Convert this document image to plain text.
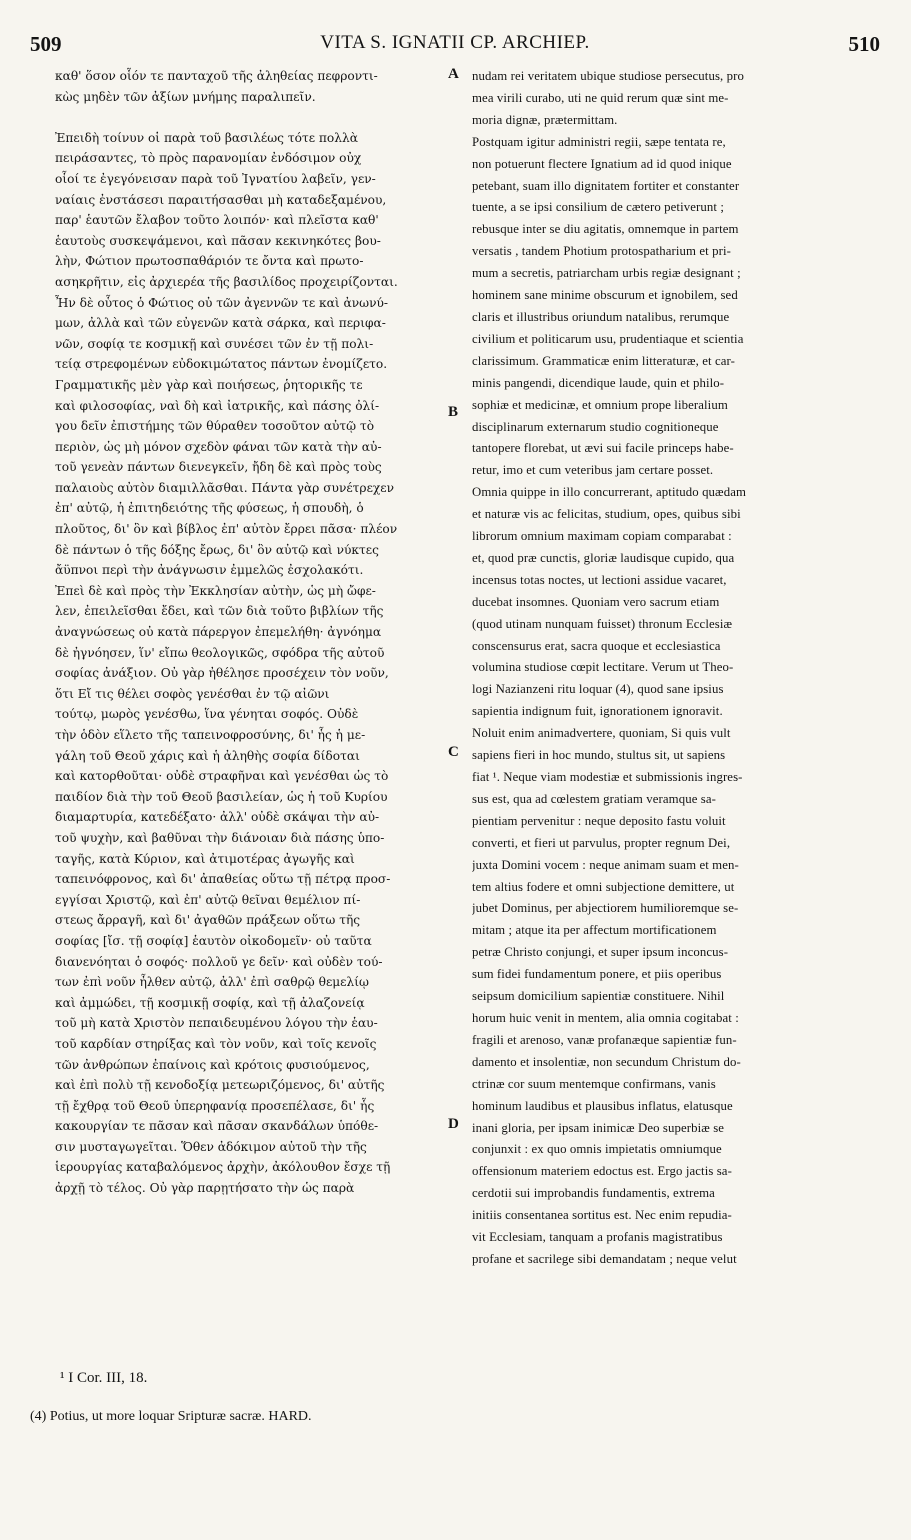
509	VITA S. IGNATII CP. ARCHIEP.	510
καθ' ὅσον οἷόν τε πανταχοῦ τῆς ἀληθείας πεφροντι-
κὼς μηδὲν τῶν ἀξίων μνήμης παραλιπεῖν.

Ἐπειδὴ τοίνυν οἱ παρὰ τοῦ βασιλέως τότε πολλὰ
πειράσαντες, τὸ πρὸς παρανομίαν ἐνδόσιμον οὐχ
οἷοί τε ἐγεγόνεισαν παρὰ τοῦ Ἰγνατίου λαβεῖν, γεν-
ναίαις ἐνστάσεσι παραιτήσασθαι μὴ καταδεξαμένου,
παρ' ἑαυτῶν ἔλαβον τοῦτο λοιπόν· καὶ πλεῖστα καθ'
ἑαυτοὺς συσκεψάμενοι, καὶ πᾶσαν κεκινηκότες βου-
λὴν, Φώτιον πρωτοσπαθάριόν τε ὄντα καὶ πρωτο-
ασηκρῆτιν, εἰς ἀρχιερέα τῆς βασιλίδος προχειρίζονται.
Ἦν δὲ οὗτος ὁ Φώτιος οὐ τῶν ἀγεννῶν τε καὶ ἀνωνύ-
μων, ἀλλὰ καὶ τῶν εὐγενῶν κατὰ σάρκα, καὶ περιφα-
νῶν, σοφίᾳ τε κοσμικῇ καὶ συνέσει τῶν ἐν τῇ πολι-
τείᾳ στρεφομένων εὐδοκιμώτατος πάντων ἐνομίζετο.
Γραμματικῆς μὲν γὰρ καὶ ποιήσεως, ῥητορικῆς τε
καὶ φιλοσοφίας, ναὶ δὴ καὶ ἰατρικῆς, καὶ πάσης ὀλί-
γου δεῖν ἐπιστήμης τῶν θύραθεν τοσοῦτον αὐτῷ τὸ
περιὸν, ὡς μὴ μόνον σχεδὸν φάναι τῶν κατὰ τὴν αὐ-
τοῦ γενεὰν πάντων διενεγκεῖν, ἤδη δὲ καὶ πρὸς τοὺς
παλαιοὺς αὐτὸν διαμιλλᾶσθαι. Πάντα γὰρ συνέτρεχεν
ἐπ' αὐτῷ, ἡ ἐπιτηδειότης τῆς φύσεως, ἡ σπουδὴ, ὁ
πλοῦτος, δι' ὃν καὶ βίβλος ἐπ' αὐτὸν ἔρρει πᾶσα· πλέον
δὲ πάντων ὁ τῆς δόξης ἔρως, δι' ὃν αὐτῷ καὶ νύκτες
ἄϋπνοι περὶ τὴν ἀνάγνωσιν ἐμμελῶς ἐσχολακότι.
Ἐπεὶ δὲ καὶ πρὸς τὴν Ἐκκλησίαν αὐτὴν, ὡς μὴ ὤφε-
λεν, ἐπειλεῖσθαι ἔδει, καὶ τῶν διὰ τοῦτο βιβλίων τῆς
ἀναγνώσεως οὐ κατὰ πάρεργον ἐπεμελήθη· ἀγνόημα
δὲ ἠγνόησεν, ἵν' εἴπω θεολογικῶς, σφόδρα τῆς αὐτοῦ
σοφίας ἀνάξιον. Οὐ γὰρ ἠθέλησε προσέχειν τὸν νοῦν,
ὅτι Εἴ τις θέλει σοφὸς γενέσθαι ἐν τῷ αἰῶνι
τούτῳ, μωρὸς γενέσθω, ἵνα γένηται σοφός. Οὐδὲ
τὴν ὁδὸν εἵλετο τῆς ταπεινοφροσύνης, δι' ἧς ἡ με-
γάλη τοῦ Θεοῦ χάρις καὶ ἡ ἀληθὴς σοφία δίδοται
καὶ κατορθοῦται· οὐδὲ στραφῆναι καὶ γενέσθαι ὡς τὸ
παιδίον διὰ τὴν τοῦ Θεοῦ βασιλείαν, ὡς ἡ τοῦ Κυρίου
διαμαρτυρία, κατεδέξατο· ἀλλ' οὐδὲ σκάψαι τὴν αὐ-
τοῦ ψυχὴν, καὶ βαθῦναι τὴν διάνοιαν διὰ πάσης ὑπο-
ταγῆς, κατὰ Κύριον, καὶ ἀτιμοτέρας ἀγωγῆς καὶ
ταπεινόφρονος, καὶ δι' ἀπαθείας οὕτω τῇ πέτρᾳ προσ-
εγγίσαι Χριστῷ, καὶ ἐπ' αὐτῷ θεῖναι θεμέλιον πί-
στεως ἄρραγῆ, καὶ δι' ἀγαθῶν πράξεων οὕτω τῆς
σοφίας [ἴσ. τῇ σοφίᾳ] ἑαυτὸν οἰκοδομεῖν· οὐ ταῦτα
διανενόηται ὁ σοφός· πολλοῦ γε δεῖν· καὶ οὐδὲν τού-
των ἐπὶ νοῦν ἦλθεν αὐτῷ, ἀλλ' ἐπὶ σαθρῷ θεμελίῳ
καὶ ἀμμώδει, τῇ κοσμικῇ σοφίᾳ, καὶ τῇ ἀλαζονείᾳ
τοῦ μὴ κατὰ Χριστὸν πεπαιδευμένου λόγου τὴν ἑαυ-
τοῦ καρδίαν στηρίξας καὶ τὸν νοῦν, καὶ τοῖς κενοῖς
τῶν ἀνθρώπων ἐπαίνοις καὶ κρότοις φυσιούμενος,
καὶ ἐπὶ πολὺ τῇ κενοδοξίᾳ μετεωριζόμενος, δι' αὐτῆς
τῇ ἔχθρᾳ τοῦ Θεοῦ ὑπερηφανίᾳ προσεπέλασε, δι' ἧς
κακουργίαν τε πᾶσαν καὶ πᾶσαν σκανδάλων ὑπόθε-
σιν μυσταγωγεῖται. Ὅθεν ἀδόκιμον αὐτοῦ τὴν τῆς
ἱερουργίας καταβαλόμενος ἀρχὴν, ἀκόλουθον ἔσχε τῇ
ἀρχῇ τὸ τέλος. Οὐ γὰρ παρῃτήσατο τὴν ὡς παρὰ
nudam rei veritatem ubique studiose persecutus, pro
mea virili curabo, uti ne quid rerum quæ sint me-
moria dignæ, prætermittam.
Postquam igitur administri regii, sæpe tentata re,
non potuerunt flectere Ignatium ad id quod inique
petebant, suam illo dignitatem fortiter et constanter
tuente, a se ipsi consilium de cætero petiverunt ;
rebusque inter se diu agitatis, omnemque in partem
versatis , tandem Photium protospatharium et pri-
mum a secretis, patriarcham urbis regiæ designant ;
hominem sane minime obscurum et ignobilem, sed
claris et illustribus oriundum natalibus, rerumque
civilium et politicarum usu, prudentiaque et scientia
clarissimum. Grammaticæ enim litteraturæ, et car-
minis pangendi, dicendique laude, quin et philo-
sophiæ et medicinæ, et omnium prope liberalium
disciplinarum externarum studio cognitioneque
tantopere florebat, ut ævi sui facile princeps habe-
retur, imo et cum veteribus jam certare posset.
Omnia quippe in illo concurrerant, aptitudo quædam
et naturæ vis ac felicitas, studium, opes, quibus sibi
librorum omnium maximam copiam comparabat :
et, quod præ cunctis, gloriæ laudisque cupido, qua
incensus totas noctes, ut lectioni assidue vacaret,
ducebat insomnes. Quoniam vero sacrum etiam
(quod utinam nunquam fuisset) thronum Ecclesiæ
conscensurus erat, sacra quoque et ecclesiastica
volumina studiose cœpit lectitare. Verum ut Theo-
logi Nazianzeni ritu loquar (4), quod sane ipsius
sapientia indignum fuit, ignorationem ignoravit.
Noluit enim animadvertere, quoniam, Si quis vult
sapiens fieri in hoc mundo, stultus sit, ut sapiens
fiat ¹. Neque viam modestiæ et submissionis ingres-
sus est, qua ad cœlestem gratiam veramque sa-
pientiam pervenitur : neque deposito fastu voluit
converti, et fieri ut parvulus, propter regnum Dei,
juxta Domini vocem : neque animam suam et men-
tem altius fodere et omni subjectione demittere, ut
jubet Dominus, per abjectiorem humilioremque se-
mitam ; atque ita per affectum mortificationem
petræ Christo conjungi, et super ipsum inconcus-
sum fidei fundamentum ponere, et piis operibus
seipsum domicilium sapientiæ constituere. Nihil
horum huic venit in mentem, alia omnia cogitabat :
fragili et arenoso, vanæ profanæque sapientiæ fun-
damento et insolentiæ, non secundum Christum do-
ctrinæ cor suum mentemque confirmans, vanis
hominum laudibus et plausibus inflatus, elatusque
inani gloria, per ipsam inimicæ Deo superbiæ se
conjunxit : ex quo omnis impietatis omniumque
offensionum materiem edoctus est. Ergo jactis sa-
cerdotii sui improbandis fundamentis, extrema
initiis consentanea sortitus est. Nec enim repudia-
vit Ecclesiam, tanquam a profanis magistratibus
profane et sacrilege sibi demandatam ; neque velut
A
B
C
D
¹ I Cor. III, 18.
(4) Potius, ut more loquar Sripturæ sacræ. HARD.
